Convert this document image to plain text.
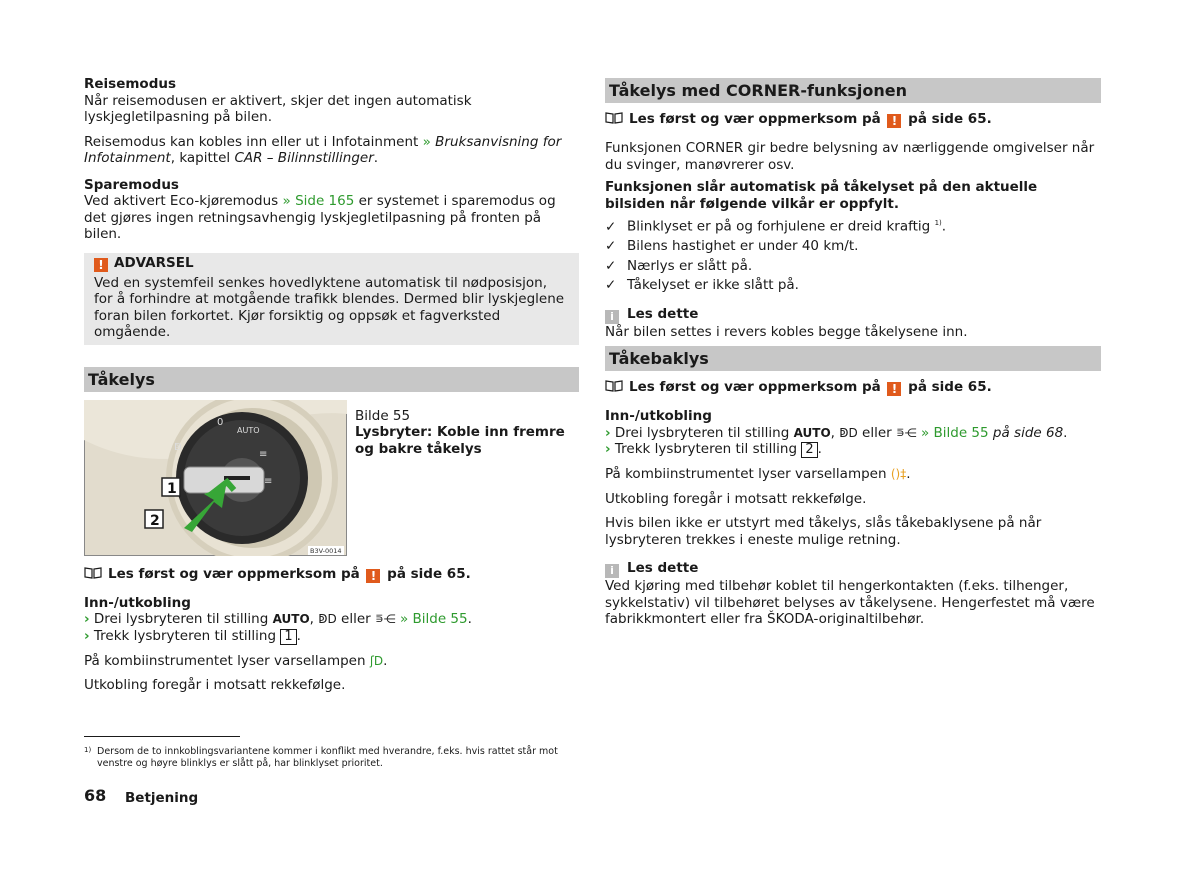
Reisemodus

Når reisemodusen er aktivert, skjer det ingen automatisk lyskjegletilpasning på bilen.

Reisemodus kan kobles inn eller ut i Infotainment » Bruksanvisning for Infotainment, kapittel CAR – Bilinnstillinger.

Sparemodus

Ved aktivert Eco-kjøremodus » Side 165 er systemet i sparemodus og det gjøres ingen retningsavhengig lyskjegletilpasning på fronten på bilen.

! ADVARSEL

Ved en systemfeil senkes hovedlyktene automatisk til nødposisjon, for å forhindre at motgående trafikk blendes. Dermed blir lyskjeglene foran bilen forkortet. Kjør forsiktig og oppsøk et fagverksted omgående.

Tåkelys
0
AUTO
ↁ
≡
≡
1
2
B3V-0014

Bilde 55

Lysbryter: Koble inn fremre og bakre tåkelys

Les først og vær oppmerksom på ! på side 65.

Inn-/utkobling

› Drei lysbryteren til stilling AUTO, ↁD eller ⋾⋲ » Bilde 55.

› Trekk lysbryteren til stilling 1 .

På kombiinstrumentet lyser varsellampen ʃD.

Utkobling foregår i motsatt rekkefølge.

Tåkelys med CORNER-funksjonen

Les først og vær oppmerksom på ! på side 65.

Funksjonen CORNER gir bedre belysning av nærliggende omgivelser når du svinger, manøvrerer osv.

Funksjonen slår automatisk på tåkelyset på den aktuelle bilsiden når følgende vilkår er oppfylt.

✓ Blinklyset er på og forhjulene er dreid kraftig $^{1)}$.

✓ Bilens hastighet er under 40 km/t.

✓ Nærlys er slått på.

✓ Tåkelyset er ikke slått på.

i Les dette

Når bilen settes i revers kobles begge tåkelysene inn.

Tåkebaklys

Les først og vær oppmerksom på ! på side 65.

Inn-/utkobling

› Drei lysbryteren til stilling AUTO, ↁD eller ⋾⋲ » Bilde 55 på side 68.

› Trekk lysbryteren til stilling 2 .

På kombiinstrumentet lyser varsellampen ()‡.

Utkobling foregår i motsatt rekkefølge.

Hvis bilen ikke er utstyrt med tåkelys, slås tåkebaklysene på når lysbryteren trekkes i eneste mulige retning.

i Les dette

Ved kjøring med tilbehør koblet til hengerkontakten (f.eks. tilhenger, sykkelstativ) vil tilbehøret belyses av tåkelysene. Hengerfestet må være fabrikkmontert eller fra ŠKODA-originaltilbehør.

1) Dersom de to innkoblingsvariantene kommer i konflikt med hverandre, f.eks. hvis rattet står mot venstre og høyre blinklys er slått på, har blinklyset prioritet.
68 Betjening
